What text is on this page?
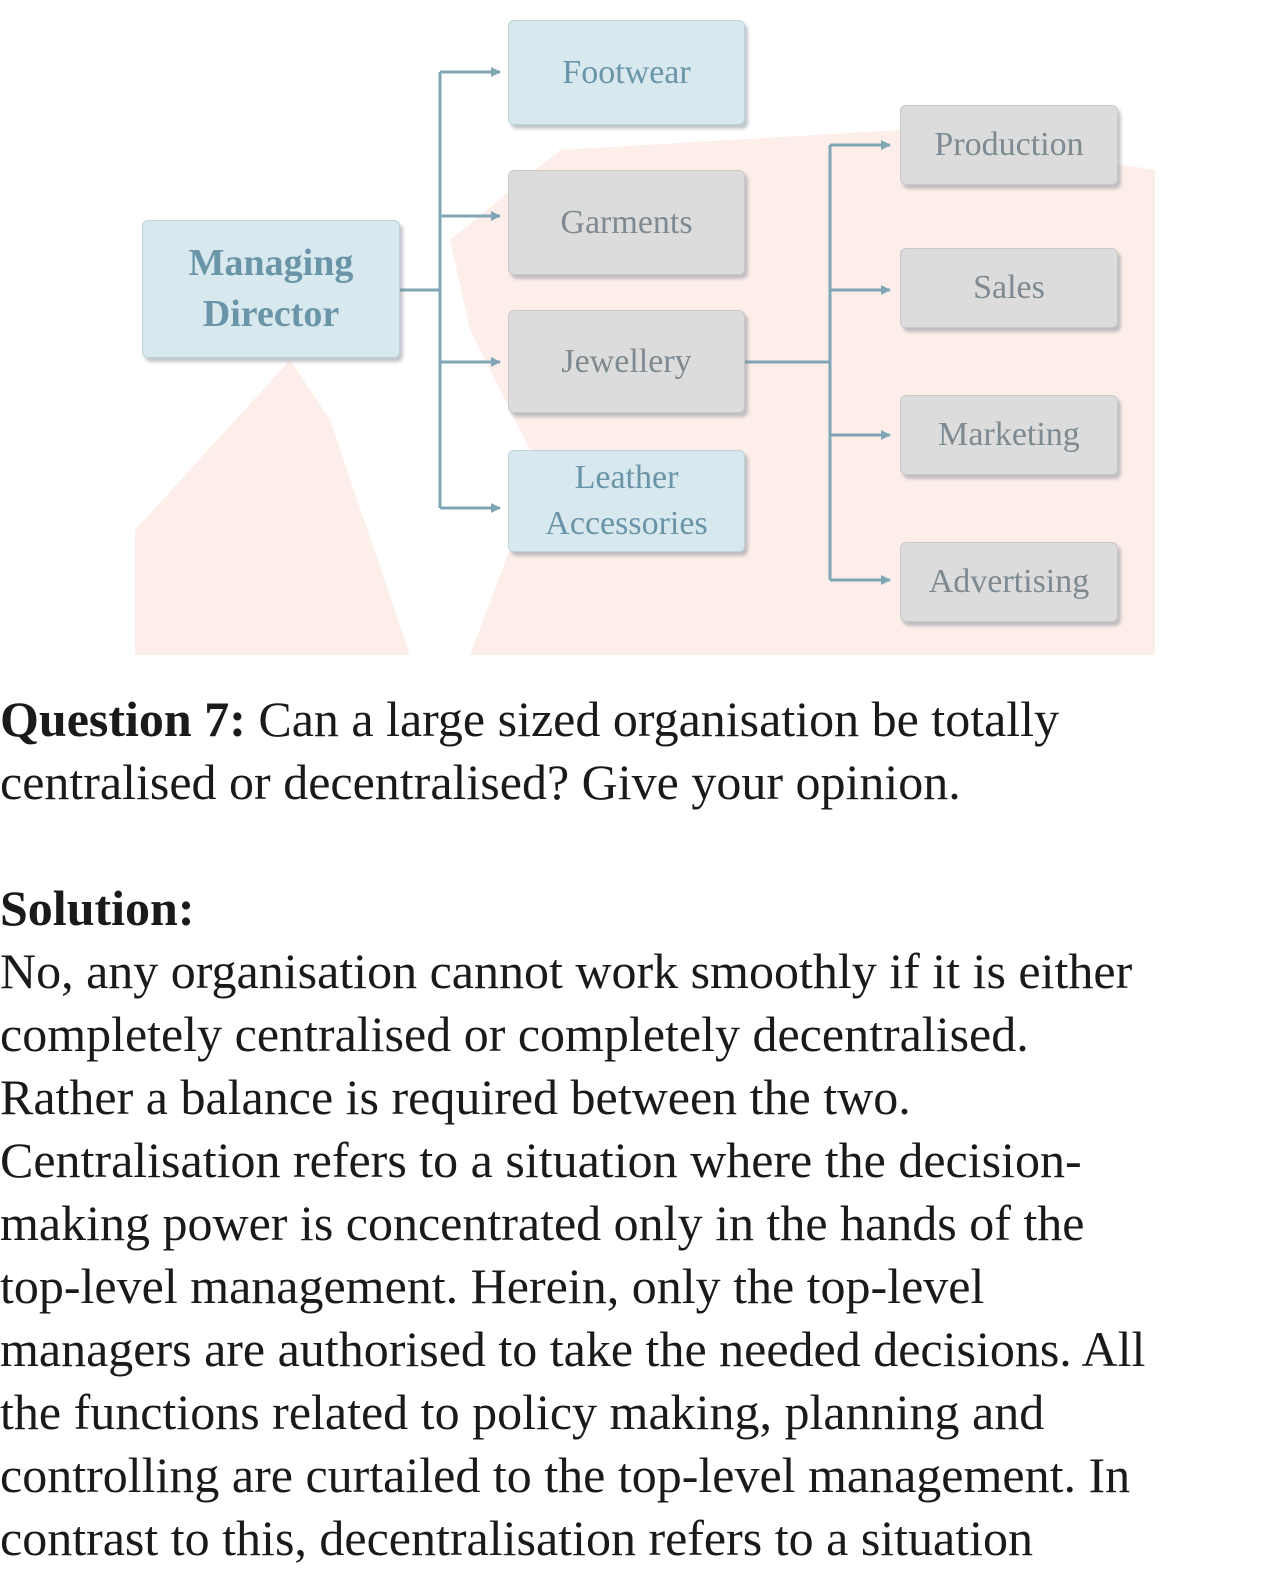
Managing
Director
Footwear
Garments
Jewellery
Leather
Accessories
Production
Sales
Marketing
Advertising

Question 7: Can a large sized organisation be totally

centralised or decentralised? Give your opinion.

Solution:

No, any organisation cannot work smoothly if it is either

completely centralised or completely decentralised.

Rather a balance is required between the two.

Centralisation refers to a situation where the decision-

making power is concentrated only in the hands of the

top-level management. Herein, only the top-level

managers are authorised to take the needed decisions. All

the functions related to policy making, planning and

controlling are curtailed to the top-level management. In

contrast to this, decentralisation refers to a situation
